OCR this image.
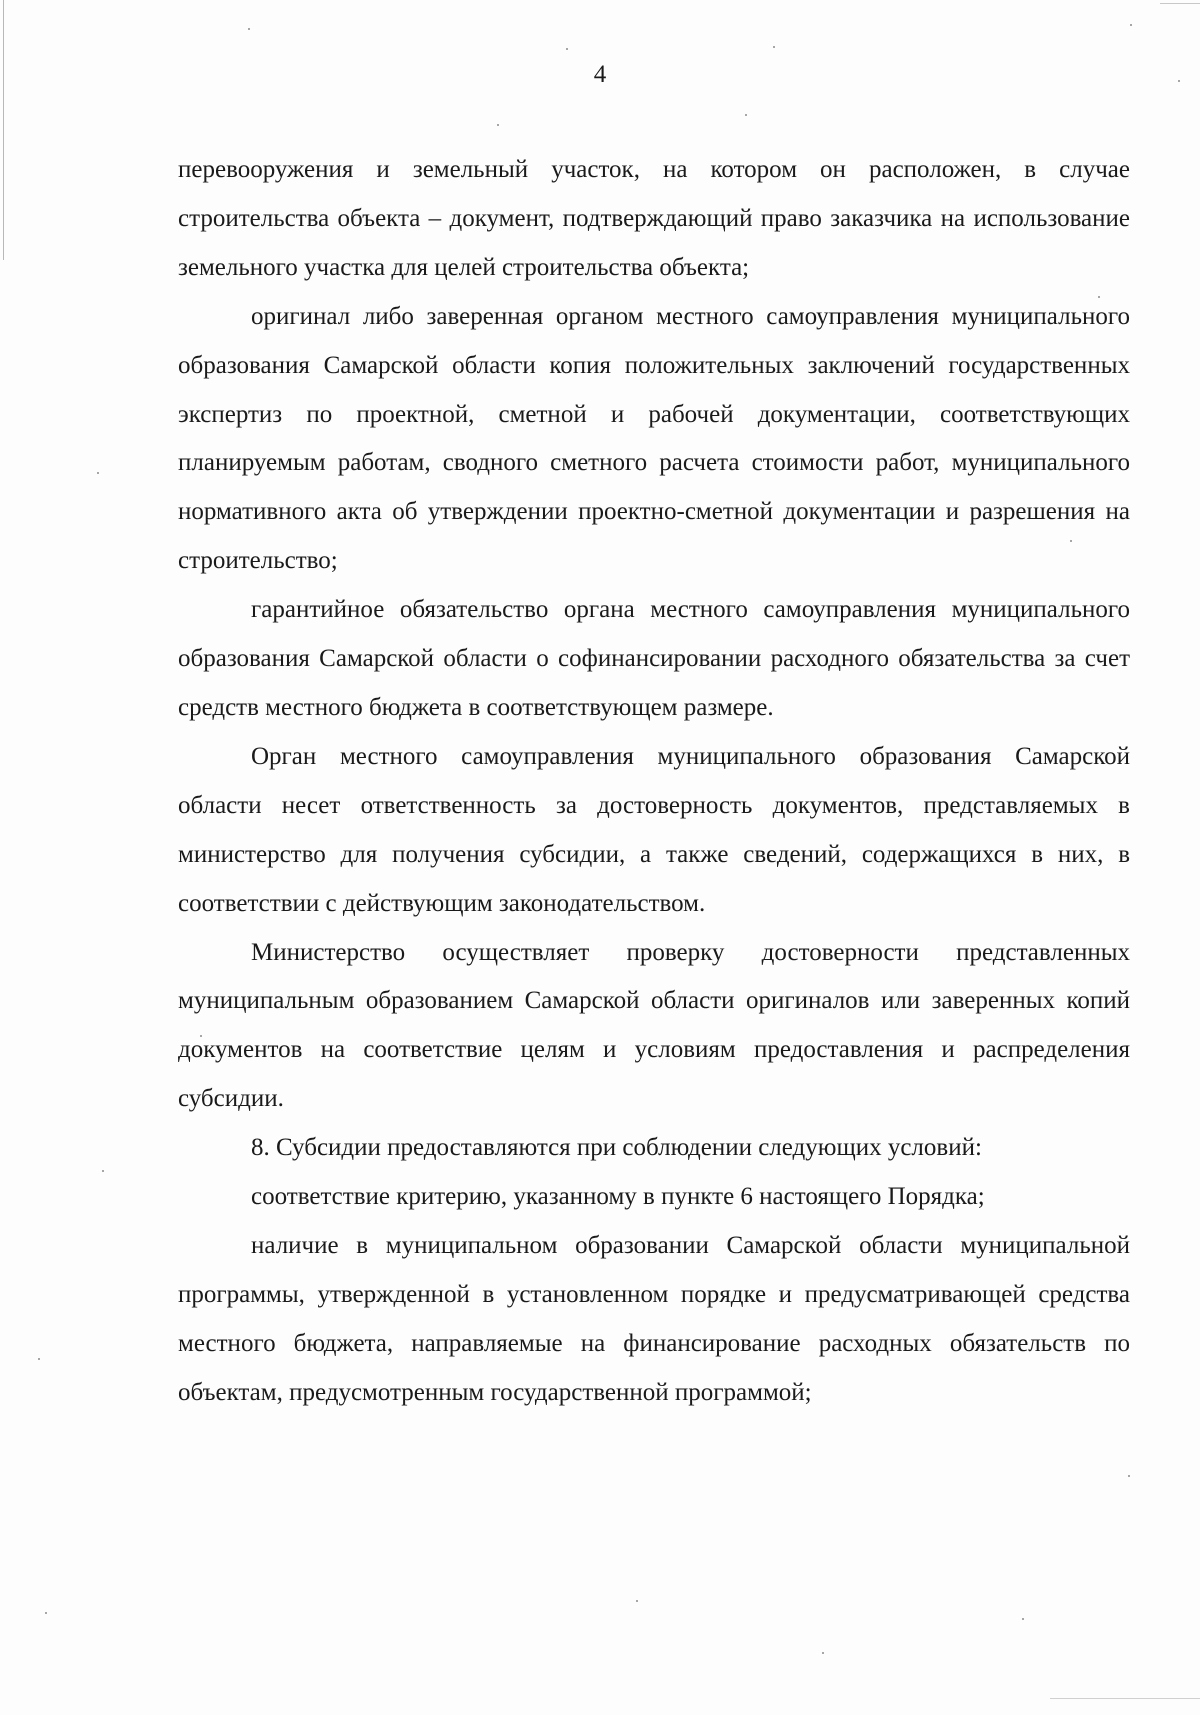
4

перевооружения и земельный участок, на котором он расположен, в случае строительства объекта – документ, подтверждающий право заказчика на использование земельного участка для целей строительства объекта;

оригинал либо заверенная органом местного самоуправления муниципального образования Самарской области копия положительных заключений государственных экспертиз по проектной, сметной и рабочей документации, соответствующих планируемым работам, сводного сметного расчета стоимости работ, муниципального нормативного акта об утверждении проектно-сметной документации и разрешения на строительство;

гарантийное обязательство органа местного самоуправления муниципального образования Самарской области о софинансировании расходного обязательства за счет средств местного бюджета в соответствующем размере.

Орган местного самоуправления муниципального образования Самарской области несет ответственность за достоверность документов, представляемых в министерство для получения субсидии, а также сведений, содержащихся в них, в соответствии с действующим законодательством.

Министерство осуществляет проверку достоверности представленных муниципальным образованием Самарской области оригиналов или заверенных копий документов на соответствие целям и условиям предоставления и распределения субсидии.

8. Субсидии предоставляются при соблюдении следующих условий:

соответствие критерию, указанному в пункте 6 настоящего Порядка;

наличие в муниципальном образовании Самарской области муниципальной программы, утвержденной в установленном порядке и предусматривающей средства местного бюджета, направляемые на финансирование расходных обязательств по объектам, предусмотренным государственной программой;
